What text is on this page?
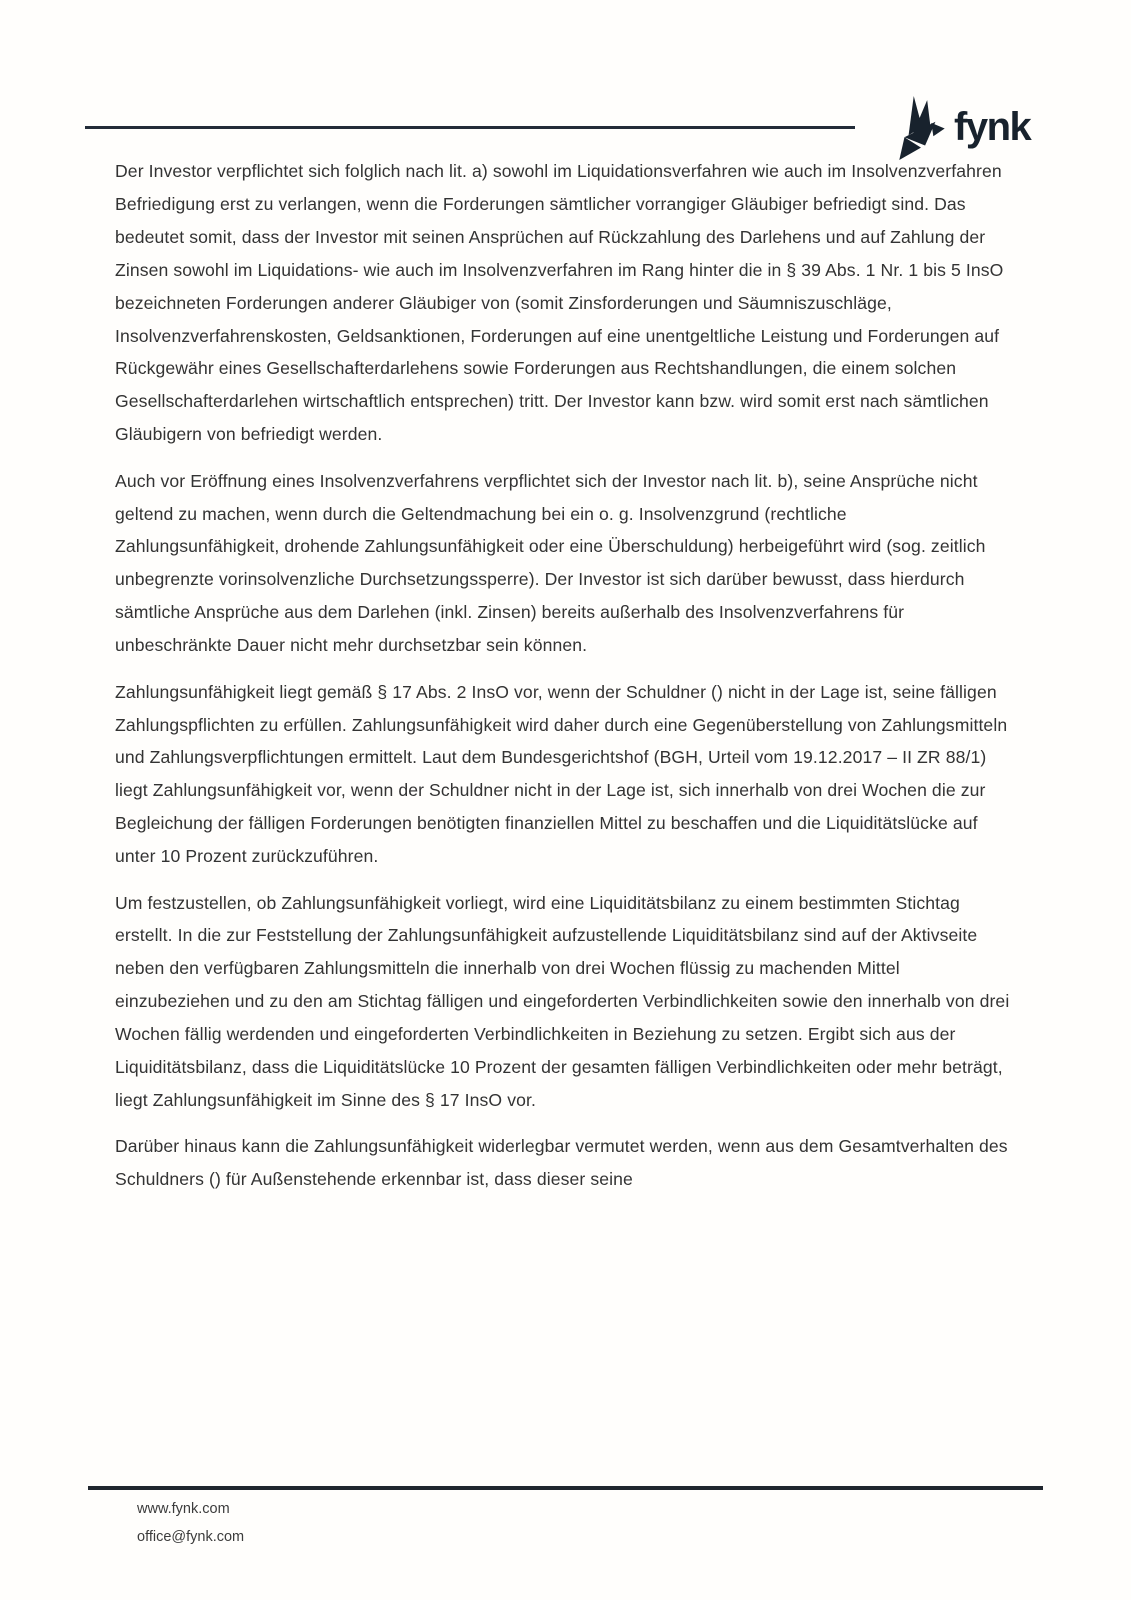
fynk

Der Investor verpflichtet sich folglich nach lit. a) sowohl im Liquidationsverfahren wie auch im Insolvenzverfahren Befriedigung erst zu verlangen, wenn die Forderungen sämtlicher vorrangiger Gläubiger befriedigt sind. Das bedeutet somit, dass der Investor mit seinen Ansprüchen auf Rückzahlung des Darlehens und auf Zahlung der Zinsen sowohl im Liquidations- wie auch im Insolvenzverfahren im Rang hinter die in § 39 Abs. 1 Nr. 1 bis 5 InsO bezeichneten Forderungen anderer Gläubiger von (somit Zinsforderungen und Säumniszuschläge, Insolvenzverfahrenskosten, Geldsanktionen, Forderungen auf eine unentgeltliche Leistung und Forderungen auf Rückgewähr eines Gesellschafterdarlehens sowie Forderungen aus Rechtshandlungen, die einem solchen Gesellschafterdarlehen wirtschaftlich entsprechen) tritt. Der Investor kann bzw. wird somit erst nach sämtlichen Gläubigern von befriedigt werden.

Auch vor Eröffnung eines Insolvenzverfahrens verpflichtet sich der Investor nach lit. b), seine Ansprüche nicht geltend zu machen, wenn durch die Geltendmachung bei ein o. g. Insolvenzgrund (rechtliche Zahlungsunfähigkeit, drohende Zahlungsunfähigkeit oder eine Überschuldung) herbeigeführt wird (sog. zeitlich unbegrenzte vorinsolvenzliche Durchsetzungssperre). Der Investor ist sich darüber bewusst, dass hierdurch sämtliche Ansprüche aus dem Darlehen (inkl. Zinsen) bereits außerhalb des Insolvenzverfahrens für unbeschränkte Dauer nicht mehr durchsetzbar sein können.

Zahlungsunfähigkeit liegt gemäß § 17 Abs. 2 InsO vor, wenn der Schuldner () nicht in der Lage ist, seine fälligen Zahlungspflichten zu erfüllen. Zahlungsunfähigkeit wird daher durch eine Gegenüberstellung von Zahlungsmitteln und Zahlungsverpflichtungen ermittelt. Laut dem Bundesgerichtshof (BGH, Urteil vom 19.12.2017 – II ZR 88/1) liegt Zahlungsunfähigkeit vor, wenn der Schuldner nicht in der Lage ist, sich innerhalb von drei Wochen die zur Begleichung der fälligen Forderungen benötigten finanziellen Mittel zu beschaffen und die Liquiditätslücke auf unter 10 Prozent zurückzuführen.

Um festzustellen, ob Zahlungsunfähigkeit vorliegt, wird eine Liquiditätsbilanz zu einem bestimmten Stichtag erstellt. In die zur Feststellung der Zahlungsunfähigkeit aufzustellende Liquiditätsbilanz sind auf der Aktivseite neben den verfügbaren Zahlungsmitteln die innerhalb von drei Wochen flüssig zu machenden Mittel einzubeziehen und zu den am Stichtag fälligen und eingeforderten Verbindlichkeiten sowie den innerhalb von drei Wochen fällig werdenden und eingeforderten Verbindlichkeiten in Beziehung zu setzen. Ergibt sich aus der Liquiditätsbilanz, dass die Liquiditätslücke 10 Prozent der gesamten fälligen Verbindlichkeiten oder mehr beträgt, liegt Zahlungsunfähigkeit im Sinne des § 17 InsO vor.

Darüber hinaus kann die Zahlungsunfähigkeit widerlegbar vermutet werden, wenn aus dem Gesamtverhalten des Schuldners () für Außenstehende erkennbar ist, dass dieser seine

www.fynk.com
office@fynk.com
